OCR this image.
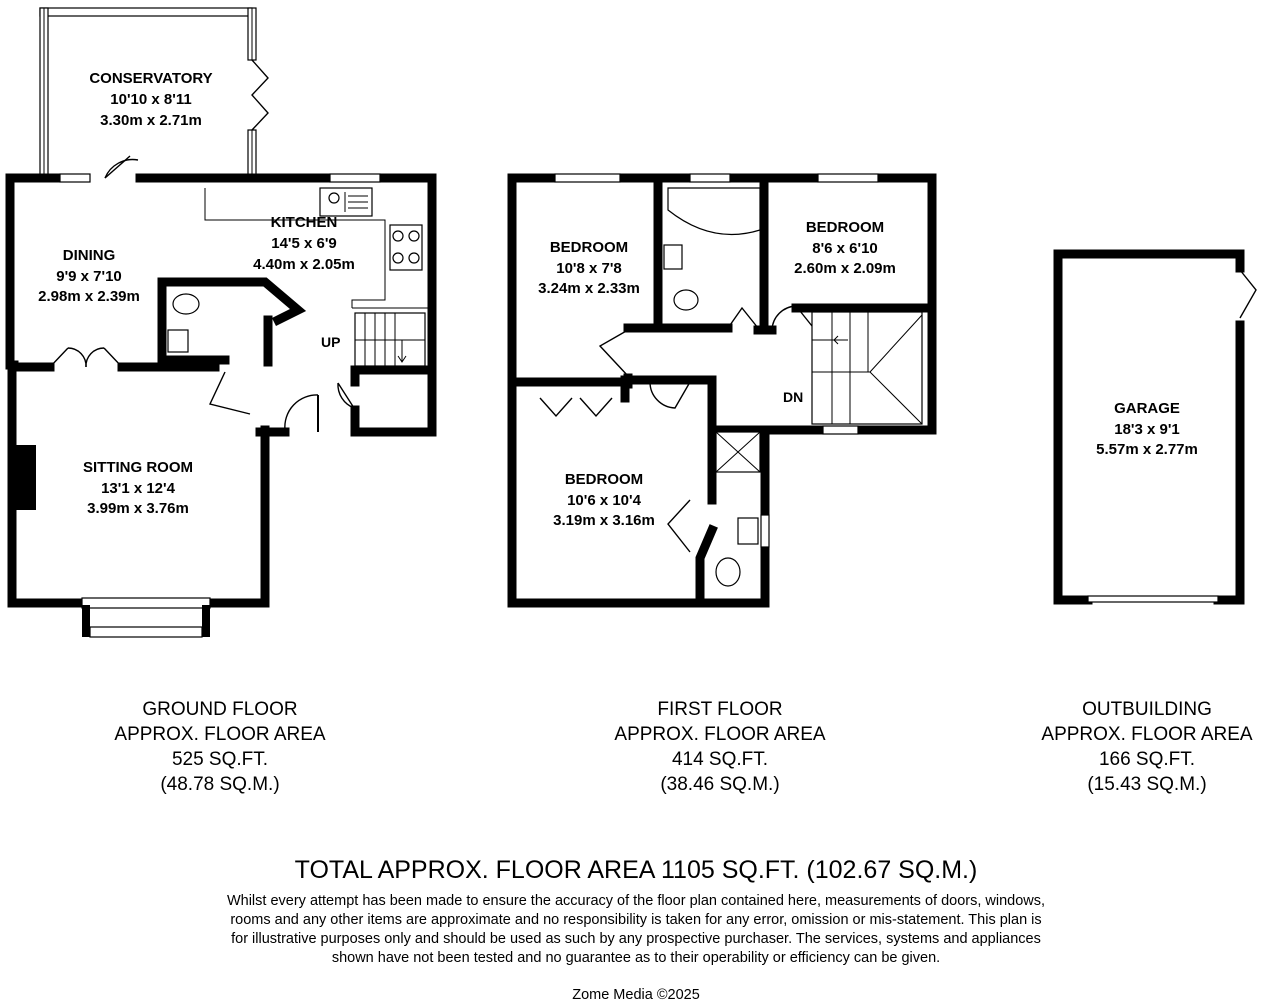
CONSERVATORY
10'10 x 8'11
3.30m x 2.71m
KITCHEN
14'5 x 6'9
4.40m x 2.05m
DINING
9'9 x 7'10
2.98m x 2.39m
SITTING ROOM
13'1 x 12'4
3.99m x 3.76m
BEDROOM
10'8 x 7'8
3.24m x 2.33m
BEDROOM
8'6 x 6'10
2.60m x 2.09m
BEDROOM
10'6 x 10'4
3.19m x 3.16m
GARAGE
18'3 x 9'1
5.57m x 2.77m
UP
DN
GROUND FLOOR
APPROX. FLOOR AREA
525 SQ.FT.
(48.78 SQ.M.)
FIRST FLOOR
APPROX. FLOOR AREA
414 SQ.FT.
(38.46 SQ.M.)
OUTBUILDING
APPROX. FLOOR AREA
166 SQ.FT.
(15.43 SQ.M.)
TOTAL APPROX. FLOOR AREA 1105 SQ.FT. (102.67 SQ.M.)
Whilst every attempt has been made to ensure the accuracy of the floor plan contained here, measurements of doors, windows, rooms and any other items are approximate and no responsibility is taken for any error, omission or mis-statement. This plan is for illustrative purposes only and should be used as such by any prospective purchaser. The services, systems and appliances shown have not been tested and no guarantee as to their operability or efficiency can be given.
Zome Media ©2025
